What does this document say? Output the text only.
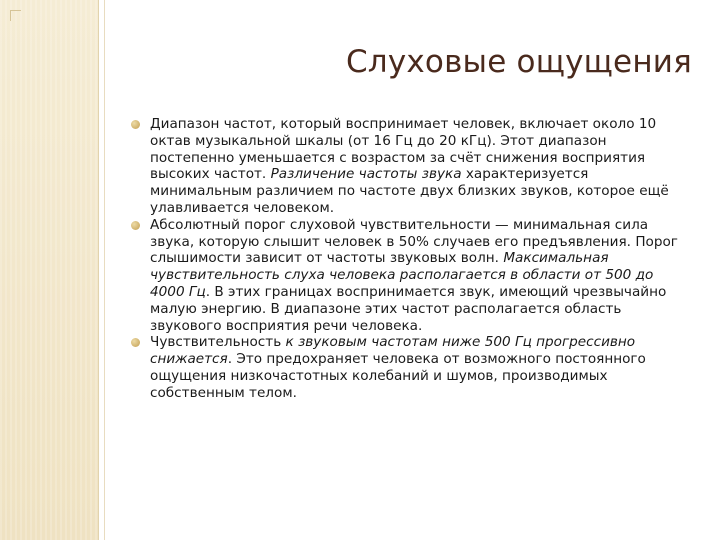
Слуховые ощущения
Диапазон частот, который воспринимает человек, включает около 10 октав музыкальной шкалы (от 16 Гц до 20 кГц). Этот диапазон постепенно уменьшается с возрастом за счёт снижения восприятия высоких частот. Различение частоты звука характеризуется минимальным различием по частоте двух близких звуков, которое ещё улавливается человеком.
Абсолютный порог слуховой чувствительности — минимальная сила звука, которую слышит человек в 50% случаев его предъявления. Порог слышимости зависит от частоты звуковых волн. Максимальная чувствительность слуха человека располагается в области от 500 до 4000 Гц. В этих границах воспринимается звук, имеющий чрезвычайно малую энергию. В диапазоне этих частот располагается область звукового восприятия речи человека.
Чувствительность к звуковым частотам ниже 500 Гц прогрессивно снижается. Это предохраняет человека от возможного постоянного ощущения низкочастотных колебаний и шумов, производимых собственным телом.
